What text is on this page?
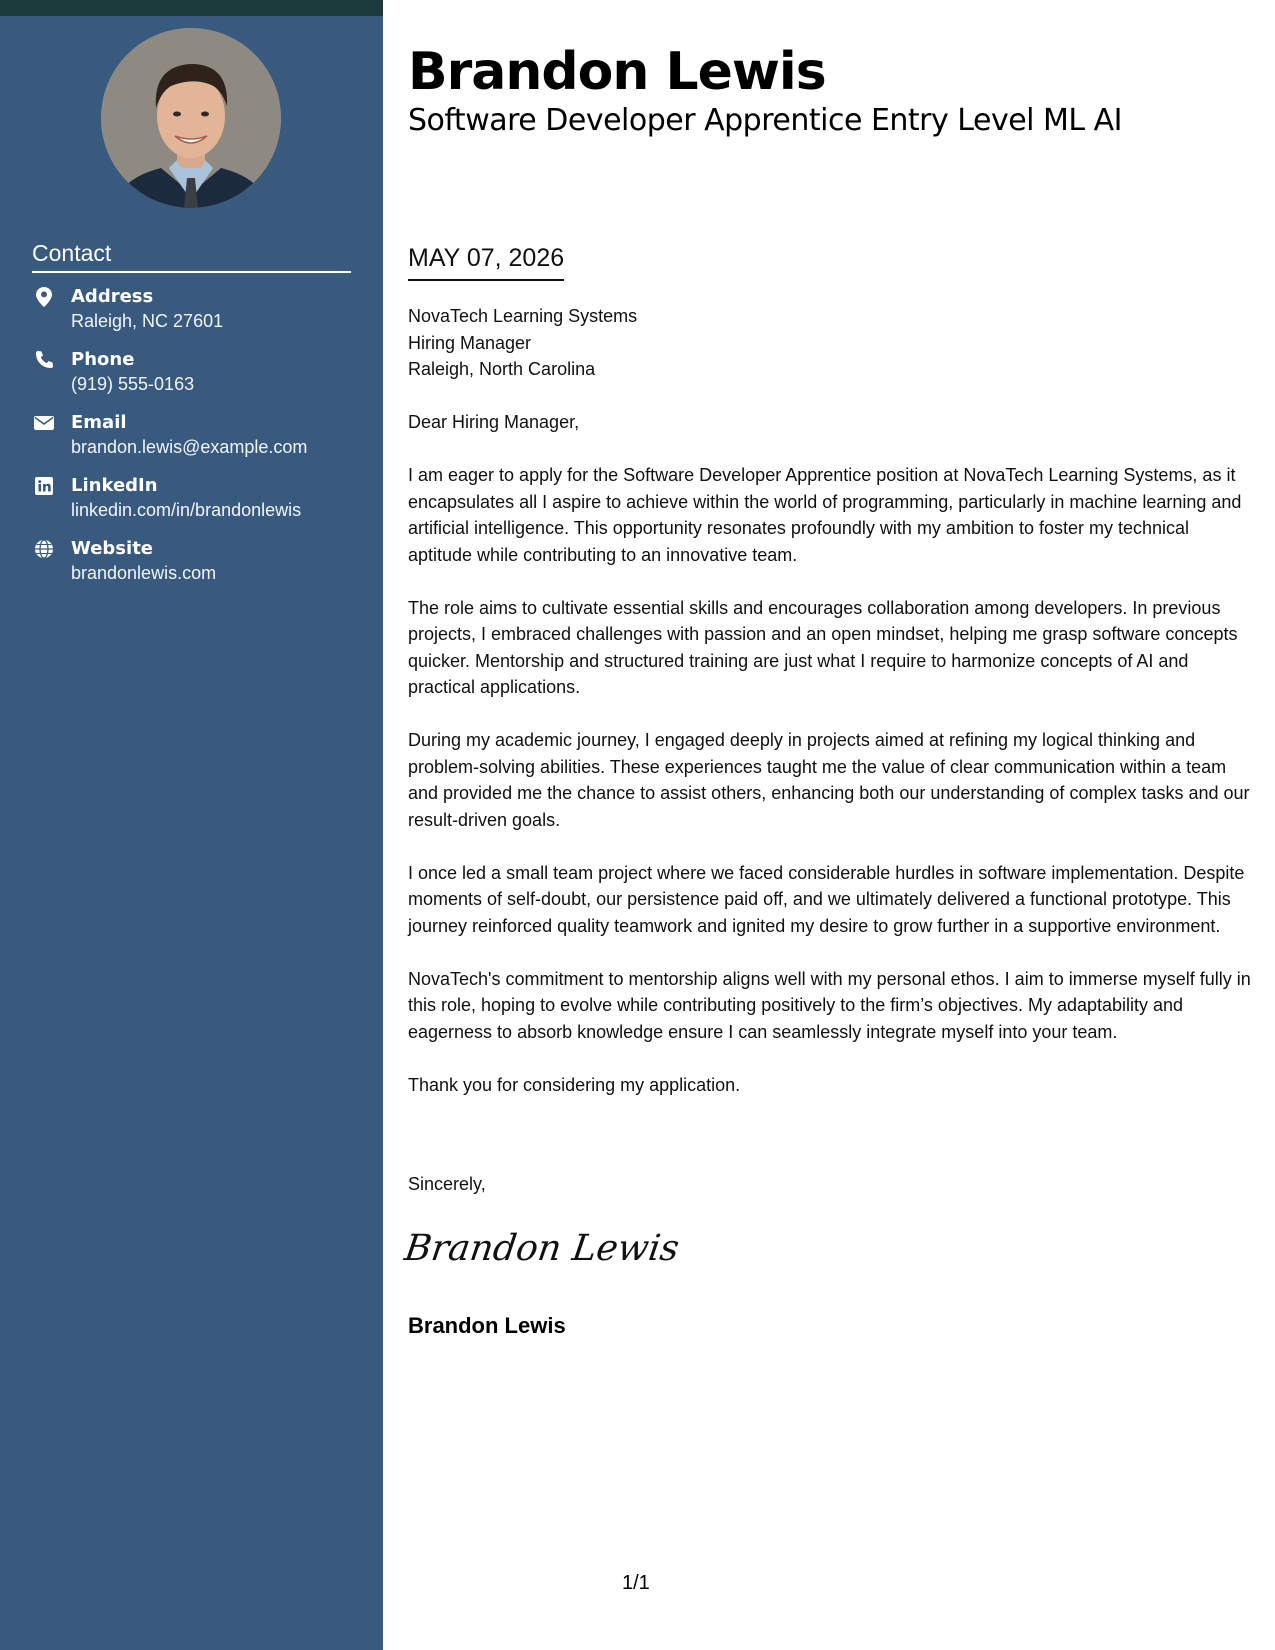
Contact
Address
Raleigh, NC 27601
Phone
(919) 555-0163
Email
brandon.lewis@example.com
LinkedIn
linkedin.com/in/brandonlewis
Website
brandonlewis.com
Brandon Lewis
Software Developer Apprentice Entry Level ML AI
MAY 07, 2026
NovaTech Learning Systems
Hiring Manager
Raleigh, North Carolina

Dear Hiring Manager,

I am eager to apply for the Software Developer Apprentice position at NovaTech Learning Systems, as it encapsulates all I aspire to achieve within the world of programming, particularly in machine learning and artificial intelligence. This opportunity resonates profoundly with my ambition to foster my technical aptitude while contributing to an innovative team.

The role aims to cultivate essential skills and encourages collaboration among developers. In previous projects, I embraced challenges with passion and an open mindset, helping me grasp software concepts quicker. Mentorship and structured training are just what I require to harmonize concepts of AI and practical applications.

During my academic journey, I engaged deeply in projects aimed at refining my logical thinking and problem-solving abilities. These experiences taught me the value of clear communication within a team and provided me the chance to assist others, enhancing both our understanding of complex tasks and our result-driven goals.

I once led a small team project where we faced considerable hurdles in software implementation. Despite moments of self-doubt, our persistence paid off, and we ultimately delivered a functional prototype. This journey reinforced quality teamwork and ignited my desire to grow further in a supportive environment.

NovaTech's commitment to mentorship aligns well with my personal ethos. I aim to immerse myself fully in this role, hoping to evolve while contributing positively to the firm’s objectives. My adaptability and eagerness to absorb knowledge ensure I can seamlessly integrate myself into your team.

Thank you for considering my application.

Sincerely,
Brandon Lewis
Brandon Lewis
1/1
